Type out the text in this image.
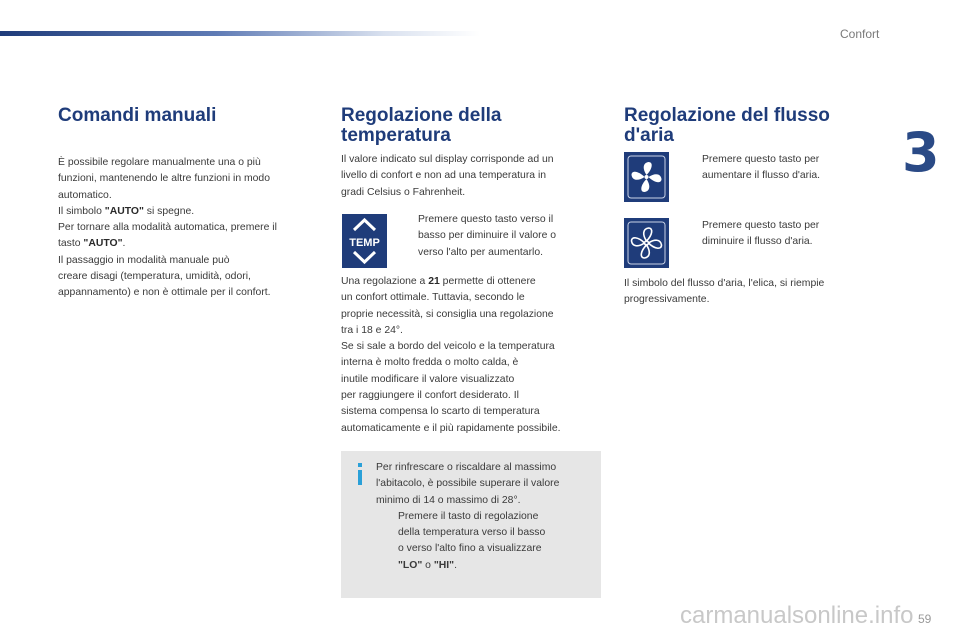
Confort
3
Comandi manuali
È possibile regolare manualmente una o più
funzioni, mantenendo le altre funzioni in modo
automatico.
Il simbolo "AUTO" si spegne.
Per tornare alla modalità automatica, premere il
tasto "AUTO".
Il passaggio in modalità manuale può
creare disagi (temperatura, umidità, odori,
appannamento) e non è ottimale per il confort.
Regolazione della
temperatura
Il valore indicato sul display corrisponde ad un
livello di confort e non ad una temperatura in
gradi Celsius o Fahrenheit.
TEMP
Premere questo tasto verso il
basso per diminuire il valore o
verso l'alto per aumentarlo.
Una regolazione a 21 permette di ottenere
un confort ottimale. Tuttavia, secondo le
proprie necessità, si consiglia una regolazione
tra i 18 e 24°.
Se si sale a bordo del veicolo e la temperatura
interna è molto fredda o molto calda, è
inutile modificare il valore visualizzato
per raggiungere il confort desiderato. Il
sistema compensa lo scarto di temperatura
automaticamente e il più rapidamente possibile.
Per rinfrescare o riscaldare al massimo
l'abitacolo, è possibile superare il valore
minimo di 14 o massimo di 28°.
Premere il tasto di regolazione
della temperatura verso il basso
o verso l'alto fino a visualizzare
"LO" o "HI".
Regolazione del flusso
d'aria
Premere questo tasto per
aumentare il flusso d'aria.
Premere questo tasto per
diminuire il flusso d'aria.
Il simbolo del flusso d'aria, l'elica, si riempie
progressivamente.
carmanualsonline.info 59
